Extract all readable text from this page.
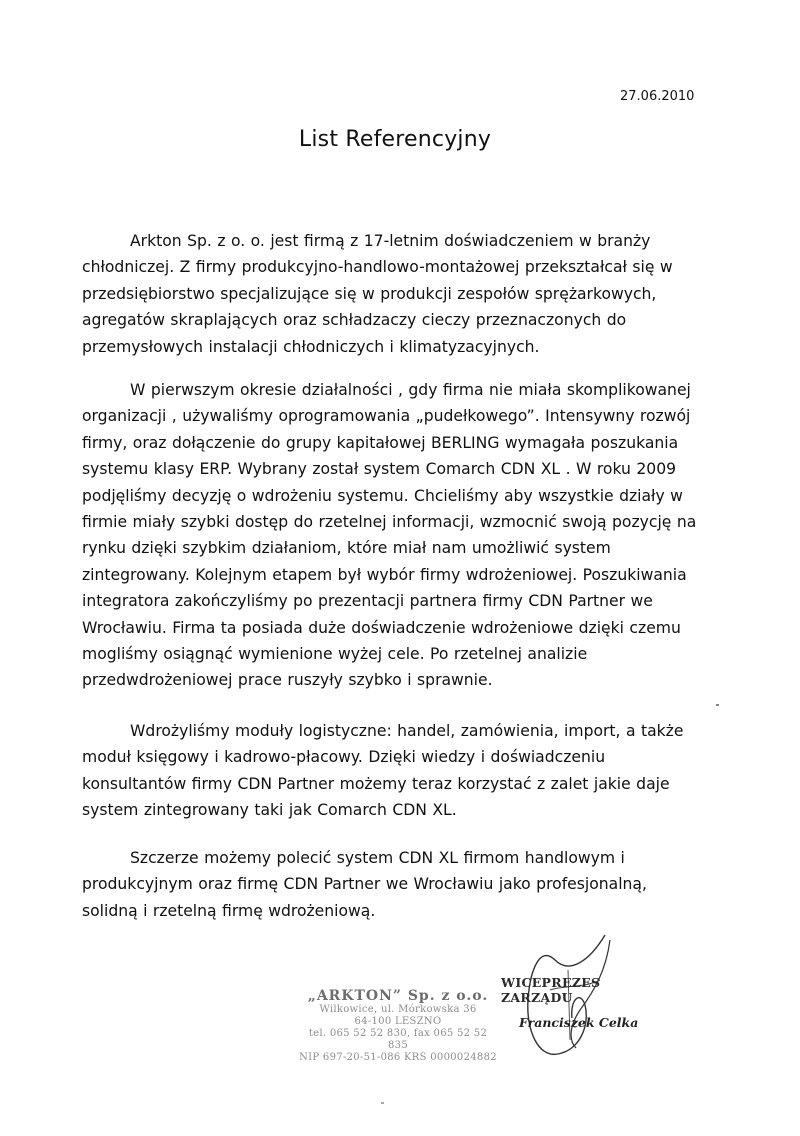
27.06.2010
List Referencyjny
Arkton Sp. z o. o. jest firmą z 17-letnim doświadczeniem w branży
chłodniczej. Z firmy produkcyjno-handlowo-montażowej przekształcał się w
przedsiębiorstwo specjalizujące się w produkcji zespołów sprężarkowych,
agregatów skraplających oraz schładzaczy cieczy przeznaczonych do
przemysłowych instalacji chłodniczych i klimatyzacyjnych.
W pierwszym okresie działalności , gdy firma nie miała skomplikowanej
organizacji , używaliśmy oprogramowania „pudełkowego”. Intensywny rozwój
firmy, oraz dołączenie do grupy kapitałowej BERLING wymagała poszukania
systemu klasy ERP. Wybrany został system Comarch CDN XL . W roku 2009
podjęliśmy decyzję o wdrożeniu systemu. Chcieliśmy aby wszystkie działy w
firmie miały szybki dostęp do rzetelnej informacji, wzmocnić swoją pozycję na
rynku dzięki szybkim działaniom, które miał nam umożliwić system
zintegrowany. Kolejnym etapem był wybór firmy wdrożeniowej. Poszukiwania
integratora zakończyliśmy po prezentacji partnera firmy CDN Partner we
Wrocławiu. Firma ta posiada duże doświadczenie wdrożeniowe dzięki czemu
mogliśmy osiągnąć wymienione wyżej cele. Po rzetelnej analizie
przedwdrożeniowej prace ruszyły szybko i sprawnie.
Wdrożyliśmy moduły logistyczne: handel, zamówienia, import, a także
moduł księgowy i kadrowo-płacowy. Dzięki wiedzy i doświadczeniu
konsultantów firmy CDN Partner możemy teraz korzystać z zalet jakie daje
system zintegrowany taki jak Comarch CDN XL.
Szczerze możemy polecić system CDN XL firmom handlowym i
produkcyjnym oraz firmę CDN Partner we Wrocławiu jako profesjonalną,
solidną i rzetelną firmę wdrożeniową.
„ARKTON” Sp. z o.o.
Wilkowice, ul. Mórkowska 36
64-100 LESZNO
tel. 065 52 52 830, fax 065 52 52 835
NIP 697-20-51-086 KRS 0000024882
WICEPREZES ZARZĄDU
Franciszek Celka
